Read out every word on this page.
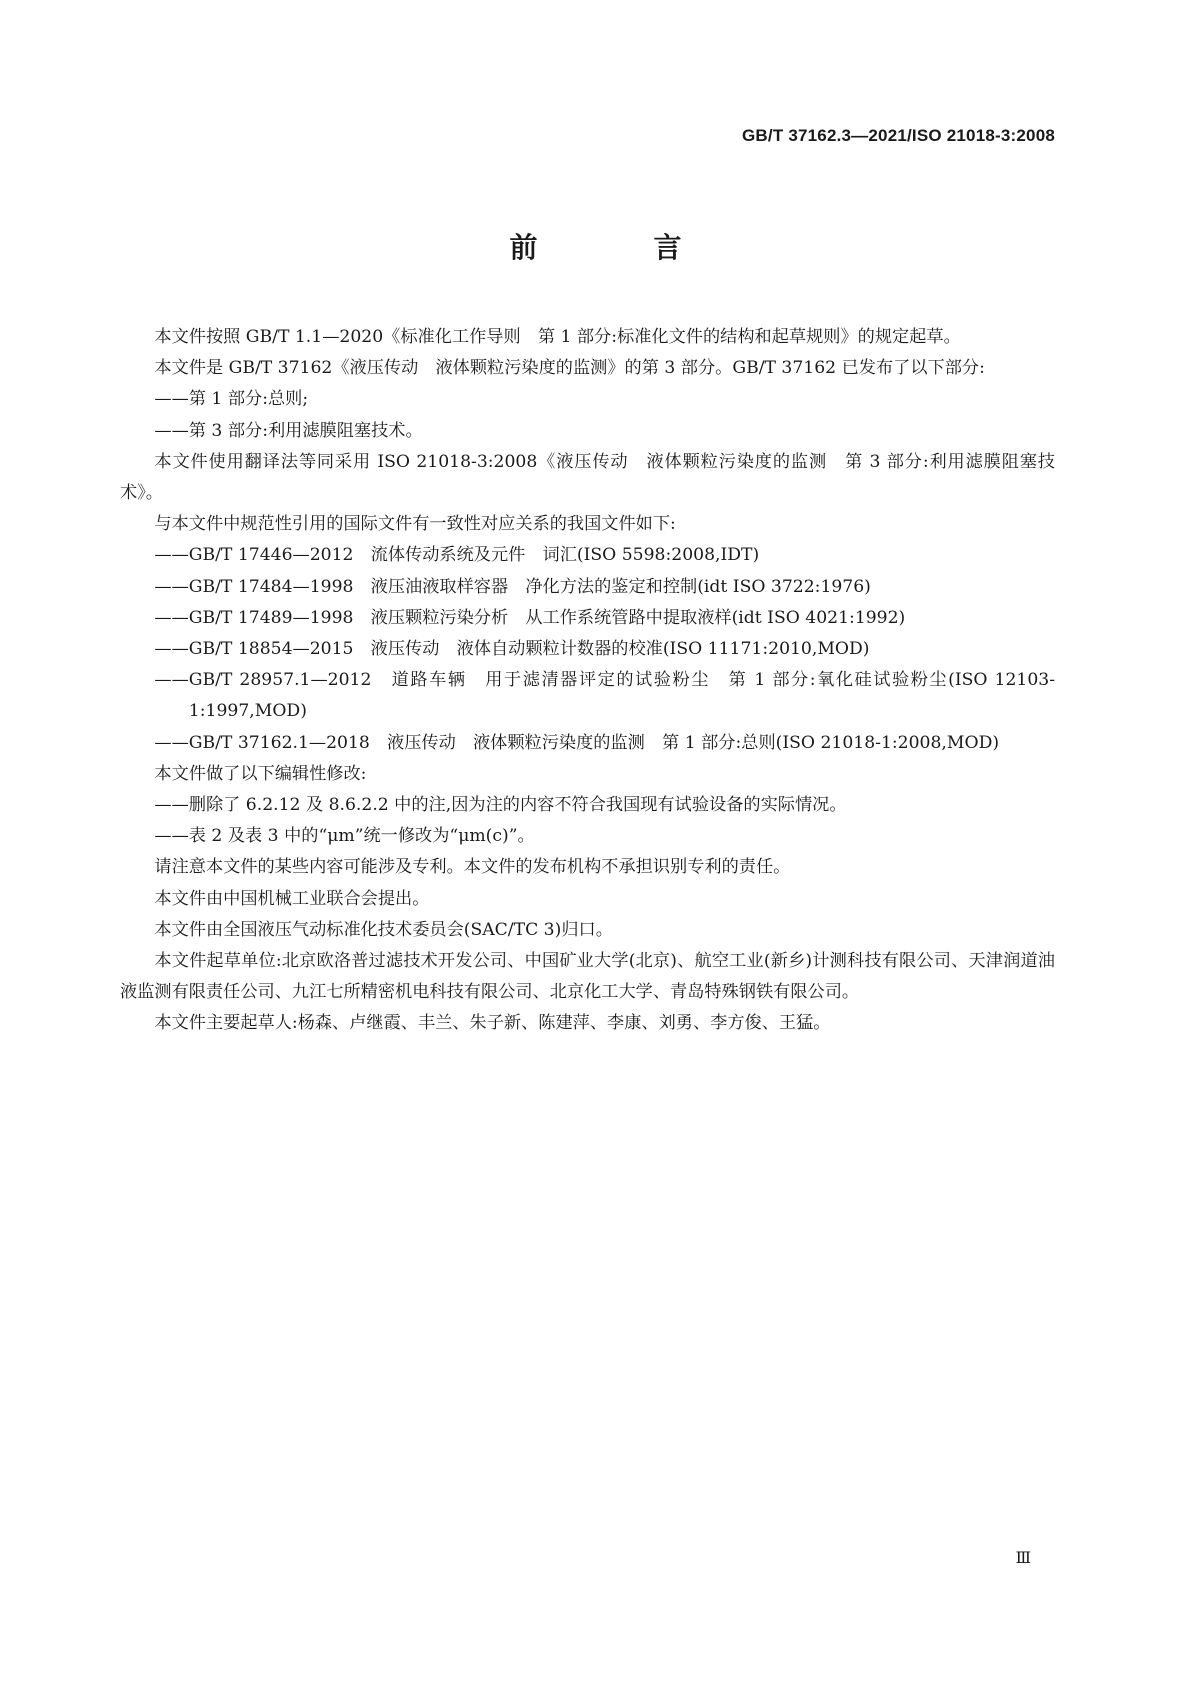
GB/T 37162.3—2021/ISO 21018-3:2008
前　言

本文件按照 GB/T 1.1—2020《标准化工作导则　第 1 部分:标准化文件的结构和起草规则》的规定起草。

本文件是 GB/T 37162《液压传动　液体颗粒污染度的监测》的第 3 部分。GB/T 37162 已发布了以下部分:

——第 1 部分:总则;

——第 3 部分:利用滤膜阻塞技术。

本文件使用翻译法等同采用 ISO 21018-3:2008《液压传动　液体颗粒污染度的监测　第 3 部分:利用滤膜阻塞技术》。

与本文件中规范性引用的国际文件有一致性对应关系的我国文件如下:

——GB/T 17446—2012　流体传动系统及元件　词汇(ISO 5598:2008,IDT)

——GB/T 17484—1998　液压油液取样容器　净化方法的鉴定和控制(idt ISO 3722:1976)

——GB/T 17489—1998　液压颗粒污染分析　从工作系统管路中提取液样(idt ISO 4021:1992)

——GB/T 18854—2015　液压传动　液体自动颗粒计数器的校准(ISO 11171:2010,MOD)

——GB/T 28957.1—2012　道路车辆　用于滤清器评定的试验粉尘　第 1 部分:氧化硅试验粉尘(ISO 12103-1:1997,MOD)

——GB/T 37162.1—2018　液压传动　液体颗粒污染度的监测　第 1 部分:总则(ISO 21018-1:2008,MOD)

本文件做了以下编辑性修改:

——删除了 6.2.12 及 8.6.2.2 中的注,因为注的内容不符合我国现有试验设备的实际情况。

——表 2 及表 3 中的“μm”统一修改为“μm(c)”。

请注意本文件的某些内容可能涉及专利。本文件的发布机构不承担识别专利的责任。

本文件由中国机械工业联合会提出。

本文件由全国液压气动标准化技术委员会(SAC/TC 3)归口。

本文件起草单位:北京欧洛普过滤技术开发公司、中国矿业大学(北京)、航空工业(新乡)计测科技有限公司、天津润道油液监测有限责任公司、九江七所精密机电科技有限公司、北京化工大学、青岛特殊钢铁有限公司。

本文件主要起草人:杨森、卢继霞、丰兰、朱子新、陈建萍、李康、刘勇、李方俊、王猛。

Ⅲ
